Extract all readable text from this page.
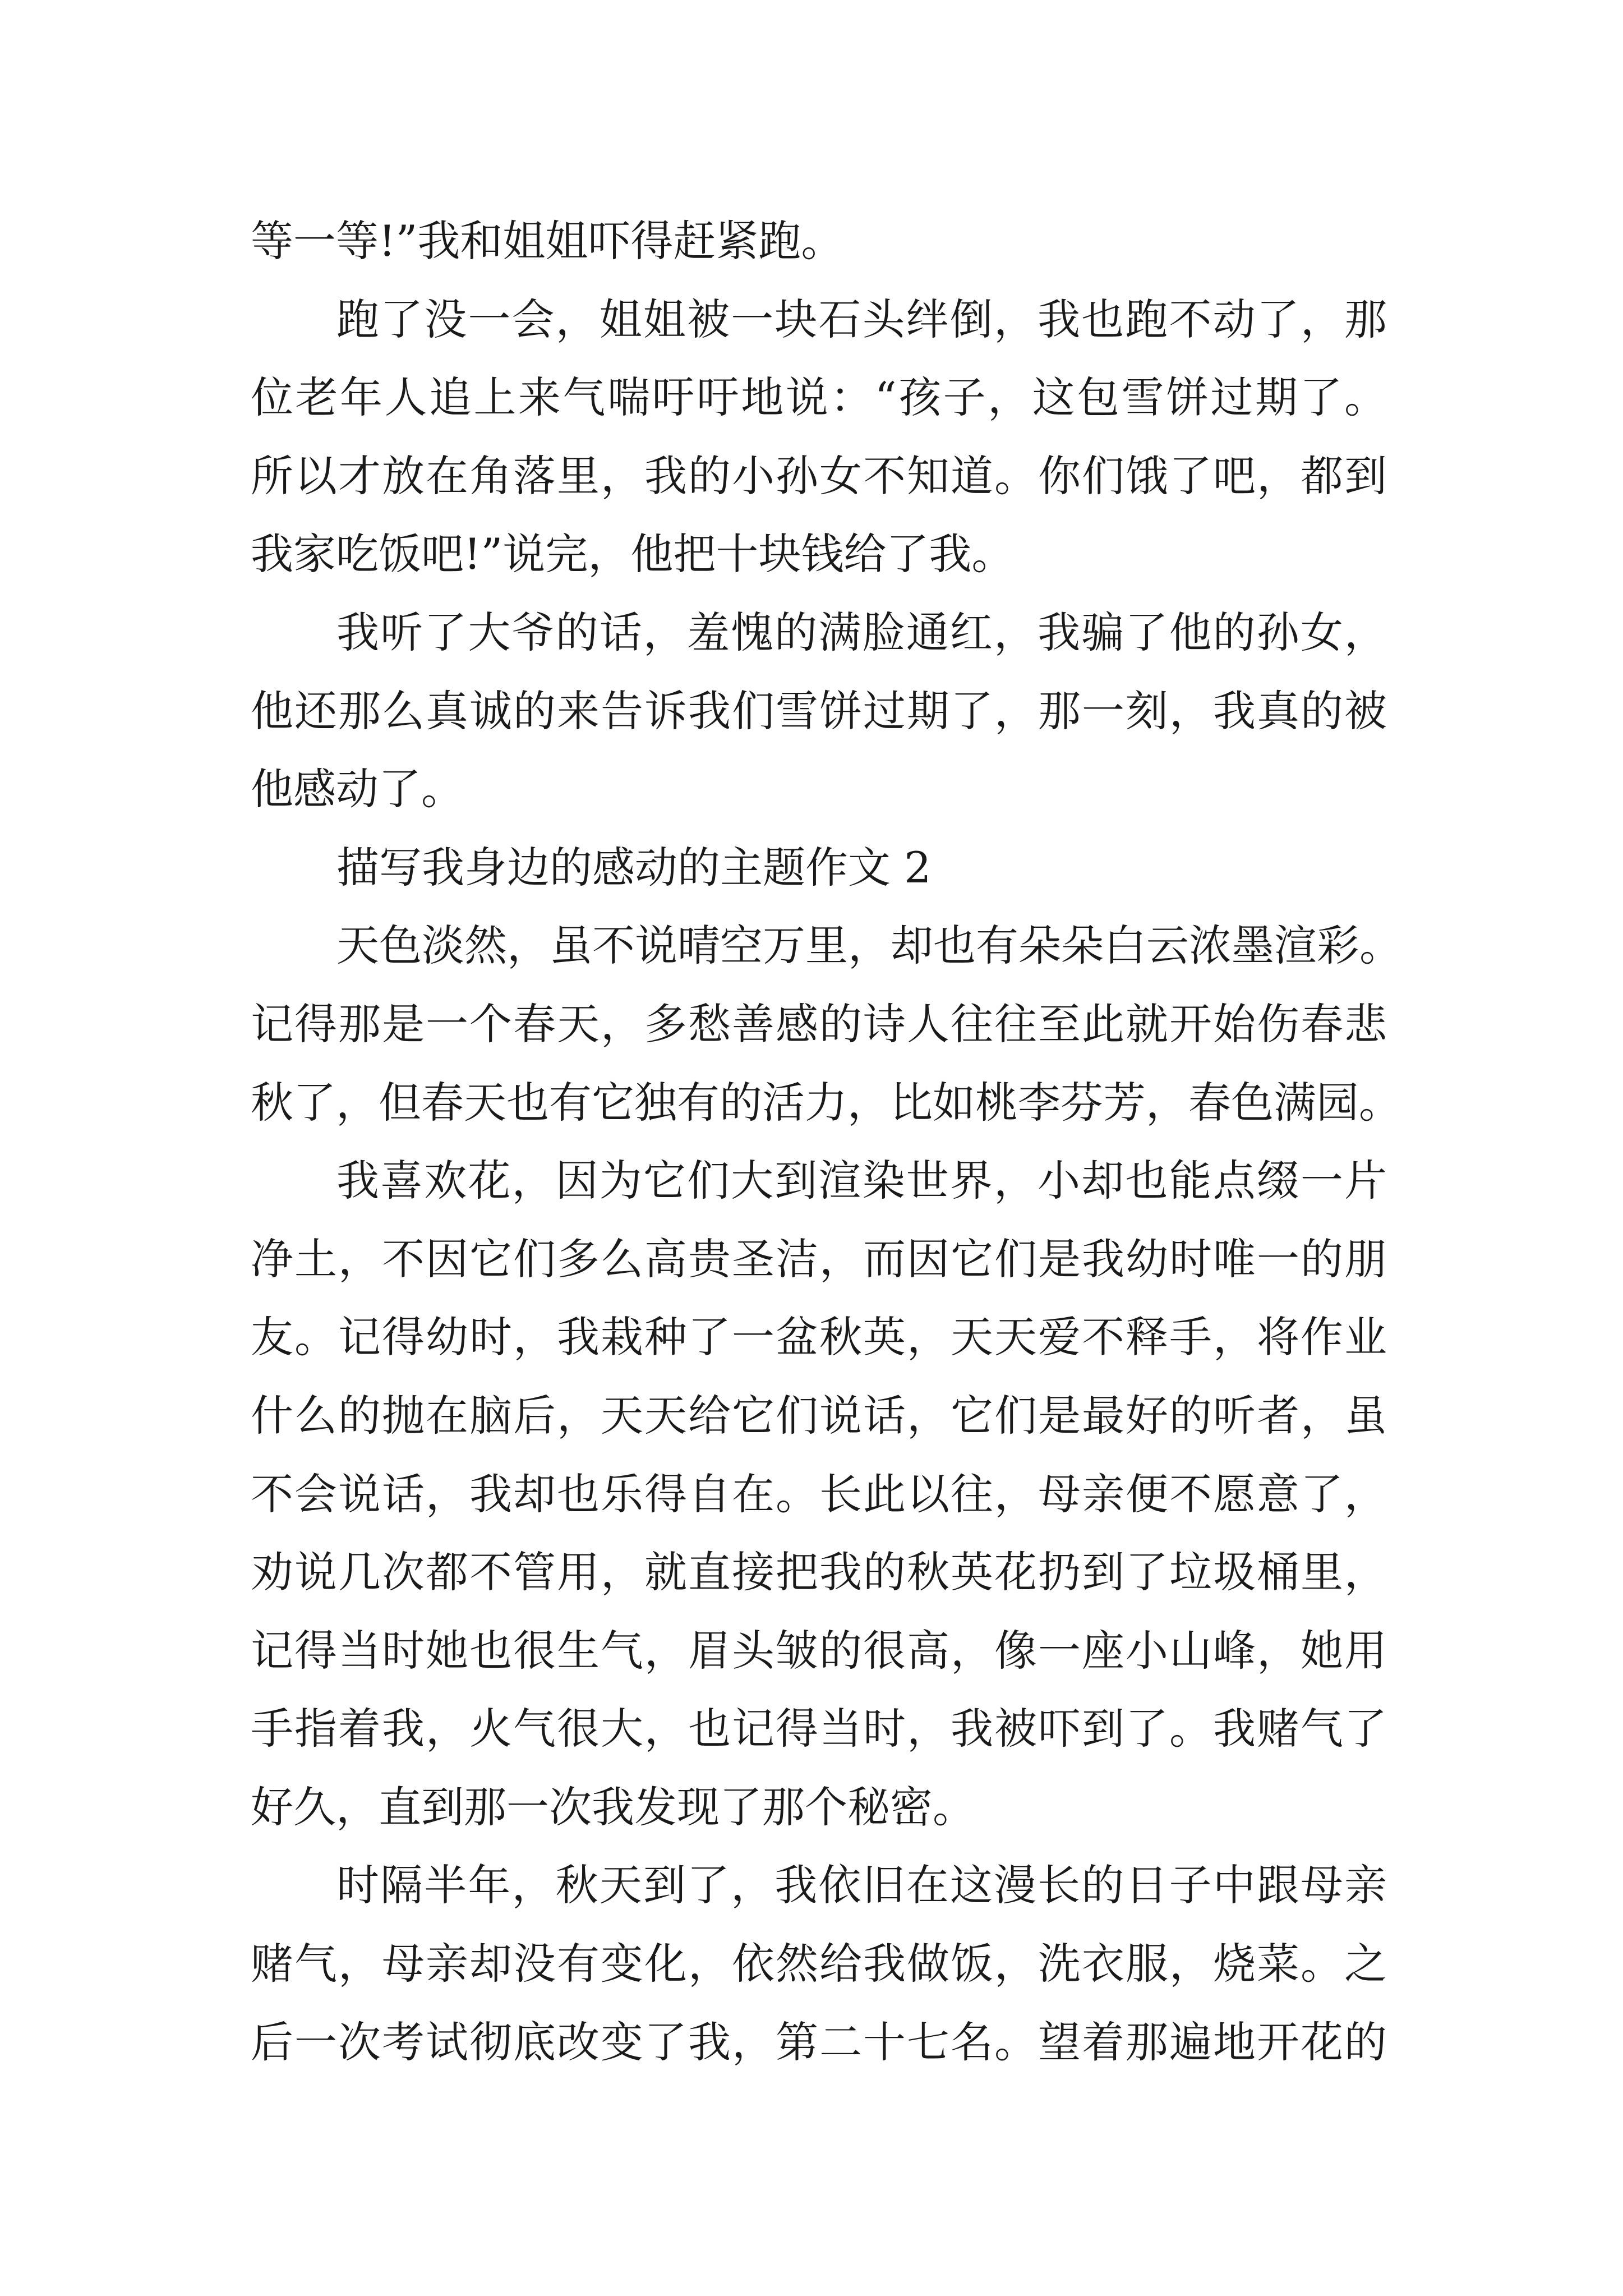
等一等!”我和姐姐吓得赶紧跑。
跑了没一会，姐姐被一块石头绊倒，我也跑不动了，那
位老年人追上来气喘吁吁地说：“孩子，这包雪饼过期了。
所以才放在角落里，我的小孙女不知道。你们饿了吧，都到
我家吃饭吧!”说完，他把十块钱给了我。
我听了大爷的话，羞愧的满脸通红，我骗了他的孙女，
他还那么真诚的来告诉我们雪饼过期了，那一刻，我真的被
他感动了。
描写我身边的感动的主题作文 2
天色淡然，虽不说晴空万里，却也有朵朵白云浓墨渲彩。
记得那是一个春天，多愁善感的诗人往往至此就开始伤春悲
秋了，但春天也有它独有的活力，比如桃李芬芳，春色满园。
我喜欢花，因为它们大到渲染世界，小却也能点缀一片
净土，不因它们多么高贵圣洁，而因它们是我幼时唯一的朋
友。记得幼时，我栽种了一盆秋英，天天爱不释手，将作业
什么的抛在脑后，天天给它们说话，它们是最好的听者，虽
不会说话，我却也乐得自在。长此以往，母亲便不愿意了，
劝说几次都不管用，就直接把我的秋英花扔到了垃圾桶里，
记得当时她也很生气，眉头皱的很高，像一座小山峰，她用
手指着我，火气很大，也记得当时，我被吓到了。我赌气了
好久，直到那一次我发现了那个秘密。
时隔半年，秋天到了，我依旧在这漫长的日子中跟母亲
赌气，母亲却没有变化，依然给我做饭，洗衣服，烧菜。之
后一次考试彻底改变了我，第二十七名。望着那遍地开花的
